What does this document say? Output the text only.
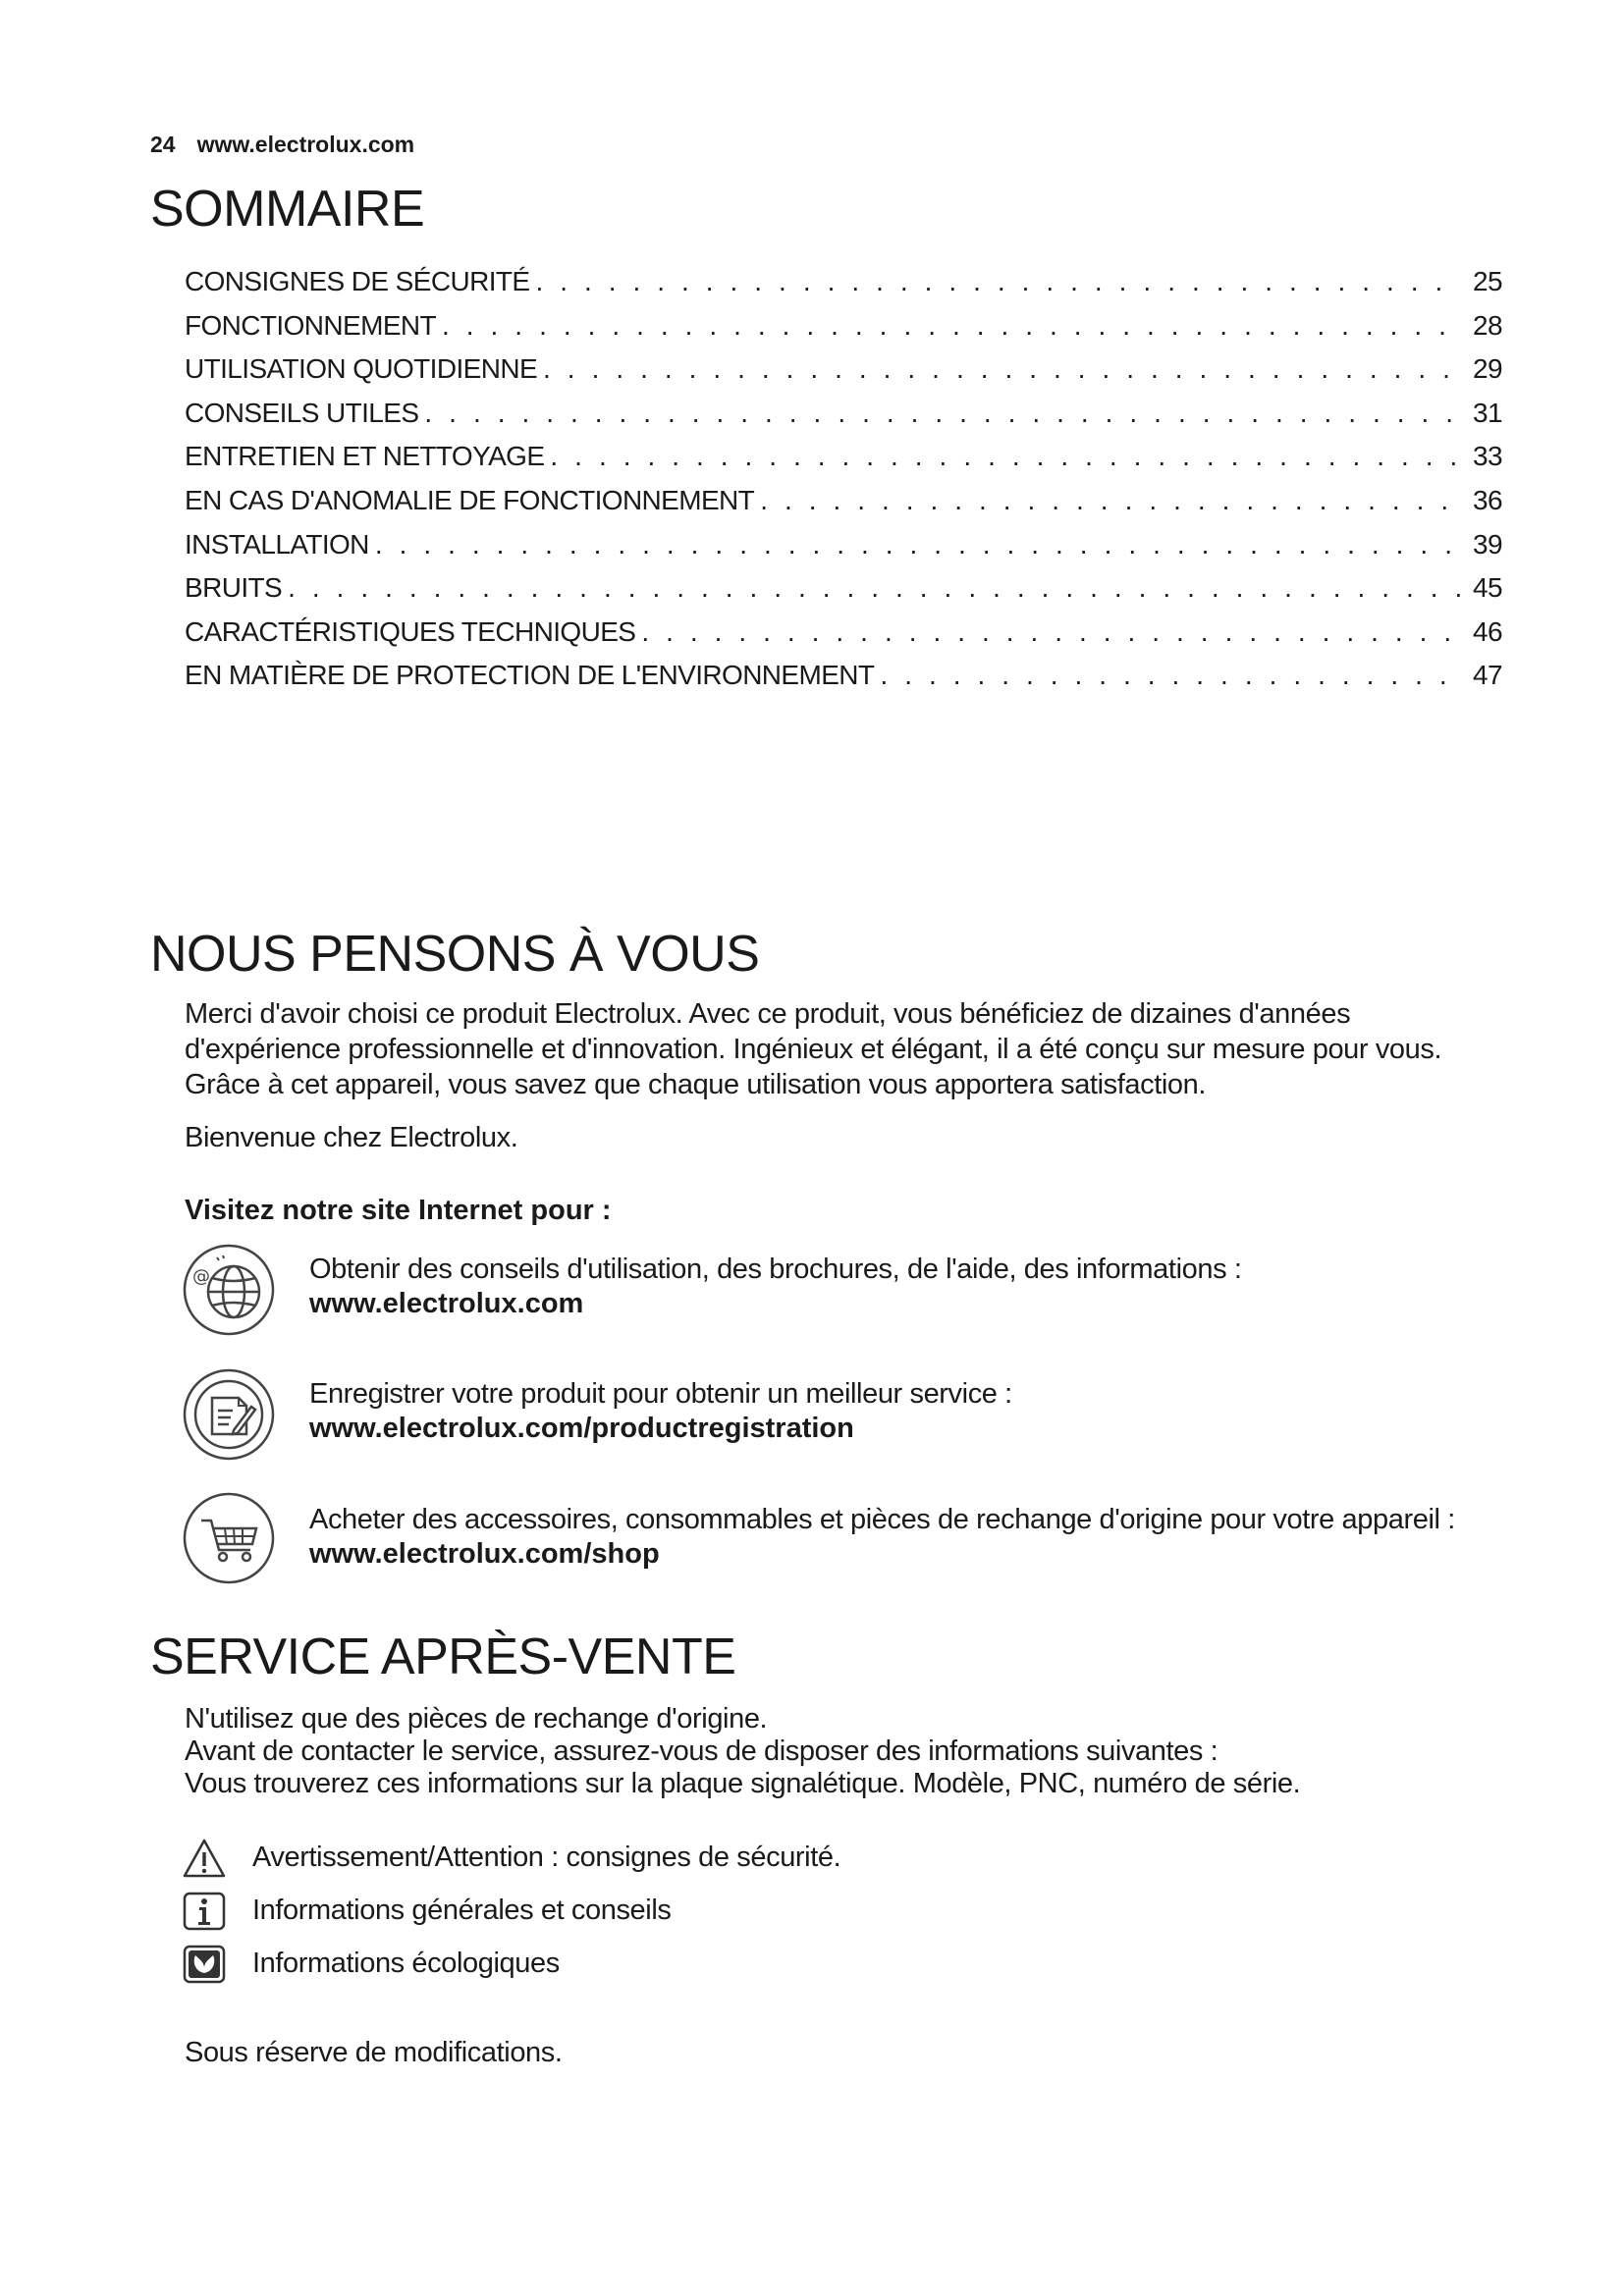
24 www.electrolux.com
SOMMAIRE
CONSIGNES DE SÉCURITÉ . . .	25
FONCTIONNEMENT . . .	28
UTILISATION QUOTIDIENNE . . .	29
CONSEILS UTILES . . .	31
ENTRETIEN ET NETTOYAGE . . .	33
EN CAS D'ANOMALIE DE FONCTIONNEMENT . . .	36
INSTALLATION . . .	39
BRUITS . . .	45
CARACTÉRISTIQUES TECHNIQUES . . .	46
EN MATIÈRE DE PROTECTION DE L'ENVIRONNEMENT . . .	47
NOUS PENSONS À VOUS
Merci d'avoir choisi ce produit Electrolux. Avec ce produit, vous bénéficiez de dizaines d'années d'expérience professionnelle et d'innovation. Ingénieux et élégant, il a été conçu sur mesure pour vous. Grâce à cet appareil, vous savez que chaque utilisation vous apportera satisfaction.
Bienvenue chez Electrolux.
Visitez notre site Internet pour :
@	Obtenir des conseils d'utilisation, des brochures, de l'aide, des informations :
www.electrolux.com
Enregistrer votre produit pour obtenir un meilleur service :
www.electrolux.com/productregistration
Acheter des accessoires, consommables et pièces de rechange d'origine pour votre appareil :
www.electrolux.com/shop
SERVICE APRÈS-VENTE
N'utilisez que des pièces de rechange d'origine.
Avant de contacter le service, assurez-vous de disposer des informations suivantes :
Vous trouverez ces informations sur la plaque signalétique. Modèle, PNC, numéro de série.
Avertissement/Attention : consignes de sécurité.
Informations générales et conseils
Informations écologiques
Sous réserve de modifications.
